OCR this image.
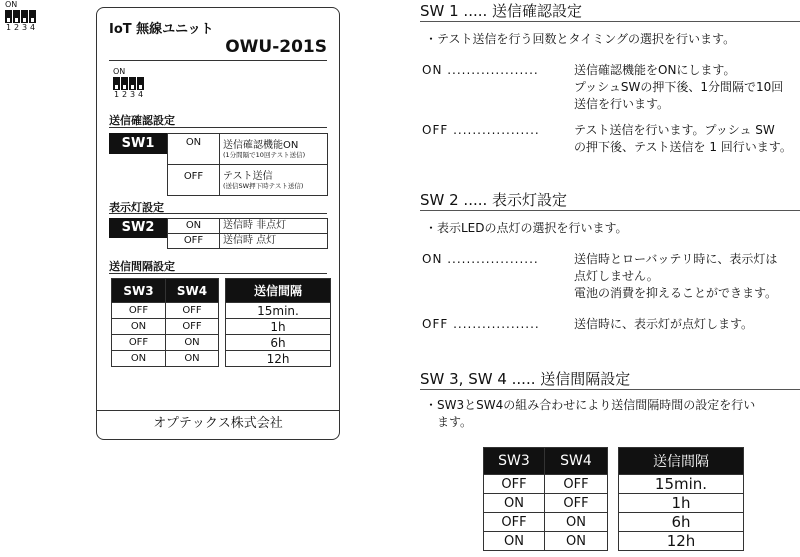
ON
1 2 3 4	IoT 無線ユニット
OWU-201S
ON
1 2 3 4
送信確認設定
SW1	ON	送信確認機能ON
(1分間隔で10回テスト送信)
OFF	テスト送信
(送信SW押下時テスト送信)
表示灯設定
SW2	ON	送信時 非点灯
OFF	送信時 点灯
送信間隔設定
SW3	SW4		送信間隔
OFF	OFF		15min.
ON	OFF		1h
OFF	ON		6h
ON	ON		12h
オプテックス株式会社
SW 1 ..... 送信確認設定
・テスト送信を行う回数とタイミングの選択を行います。
ON ...................	送信確認機能をONにします。
プッシュSWの押下後、1分間隔で10回
送信を行います。
OFF ..................	テスト送信を行います。プッシュ SW
の押下後、テスト送信を 1 回行います。
SW 2 ..... 表示灯設定
・表示LEDの点灯の選択を行います。
ON ...................	送信時とローバッテリ時に、表示灯は
点灯しません。
電池の消費を抑えることができます。
OFF ..................	送信時に、表示灯が点灯します。
SW 3, SW 4 ..... 送信間隔設定
・SW3とSW4の組み合わせにより送信間隔時間の設定を行い
ます。
SW3	SW4		送信間隔
OFF	OFF		15min.
ON	OFF		1h
OFF	ON		6h
ON	ON		12h
